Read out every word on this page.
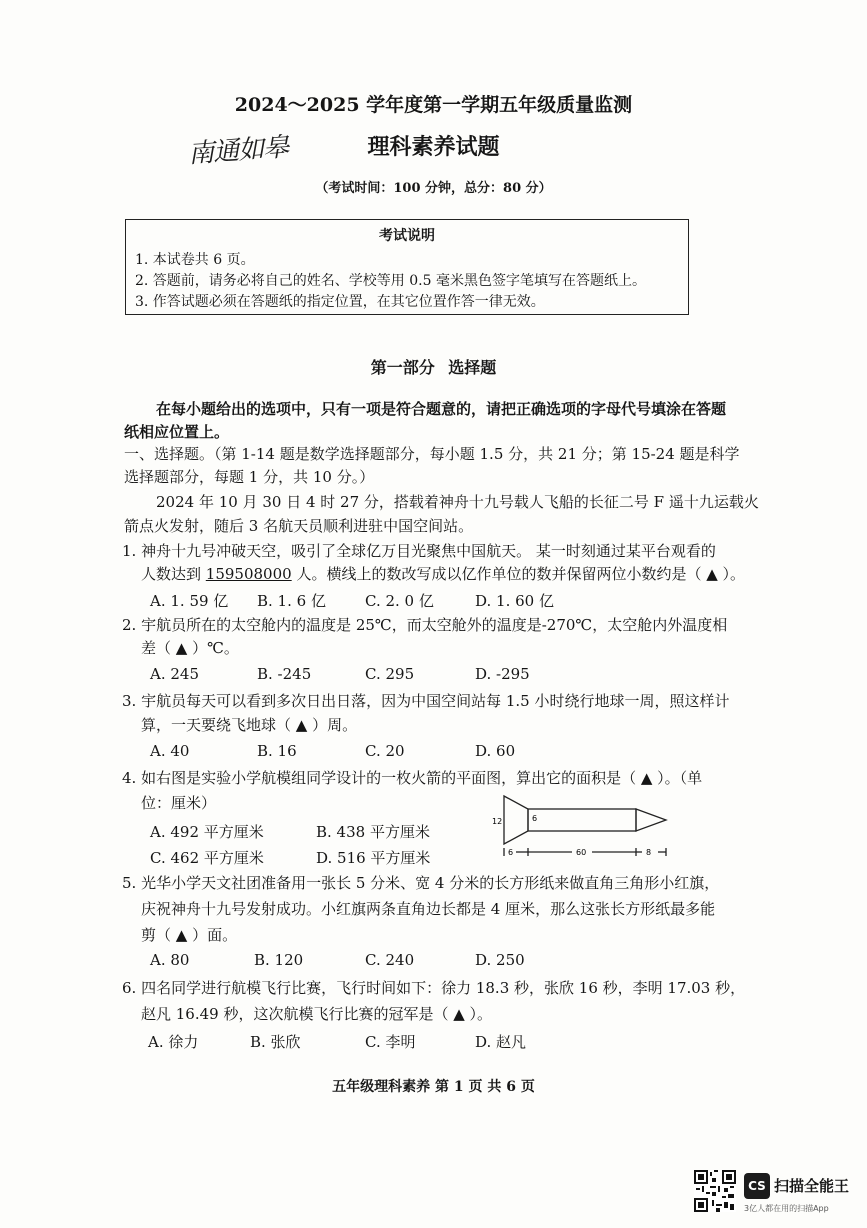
2024～2025 学年度第一学期五年级质量监测
理科素养试题
南通如皋
（考试时间：100 分钟，总分：80 分）
考试说明
1. 本试卷共 6 页。
2. 答题前，请务必将自己的姓名、学校等用 0.5 毫米黑色签字笔填写在答题纸上。
3. 作答试题必须在答题纸的指定位置，在其它位置作答一律无效。
第一部分 选择题
在每小题给出的选项中，只有一项是符合题意的，请把正确选项的字母代号填涂在答题
纸相应位置上。
一、选择题。（第 1-14 题是数学选择题部分，每小题 1.5 分，共 21 分；第 15-24 题是科学
选择题部分，每题 1 分，共 10 分。）
2024 年 10 月 30 日 4 时 27 分，搭载着神舟十九号载人飞船的长征二号 F 遥十九运载火
箭点火发射，随后 3 名航天员顺利进驻中国空间站。
1. 神舟十九号冲破天空，吸引了全球亿万目光聚焦中国航天。 某一时刻通过某平台观看的
人数达到 159508000 人。横线上的数改写成以亿作单位的数并保留两位小数约是（ ▲ ）。
A. 1. 59 亿 B. 1. 6 亿	C. 2. 0 亿	D. 1. 60 亿
2. 宇航员所在的太空舱内的温度是 25℃，而太空舱外的温度是-270℃，太空舱内外温度相
差（ ▲ ）℃。
A. 245	B. -245	C. 295	D. -295
3. 宇航员每天可以看到多次日出日落，因为中国空间站每 1.5 小时绕行地球一周，照这样计
算，一天要绕飞地球（ ▲ ）周。
A. 40	B. 16	C. 20	D. 60
4. 如右图是实验小学航模组同学设计的一枚火箭的平面图，算出它的面积是（ ▲ ）。（单
位：厘米）
A. 492 平方厘米	B. 438 平方厘米
C. 462 平方厘米	D. 516 平方厘米
12	6
6	60	8
5. 光华小学天文社团准备用一张长 5 分米、宽 4 分米的长方形纸来做直角三角形小红旗，
庆祝神舟十九号发射成功。小红旗两条直角边长都是 4 厘米，那么这张长方形纸最多能
剪（ ▲ ）面。
A. 80	B. 120	C. 240	D. 250
6. 四名同学进行航模飞行比赛，飞行时间如下：徐力 18.3 秒，张欣 16 秒，李明 17.03 秒，
赵凡 16.49 秒，这次航模飞行比赛的冠军是（ ▲ ）。
A. 徐力	B. 张欣	C. 李明	D. 赵凡
五年级理科素养 第 1 页 共 6 页
CS 扫描全能王
3亿人都在用的扫描App
